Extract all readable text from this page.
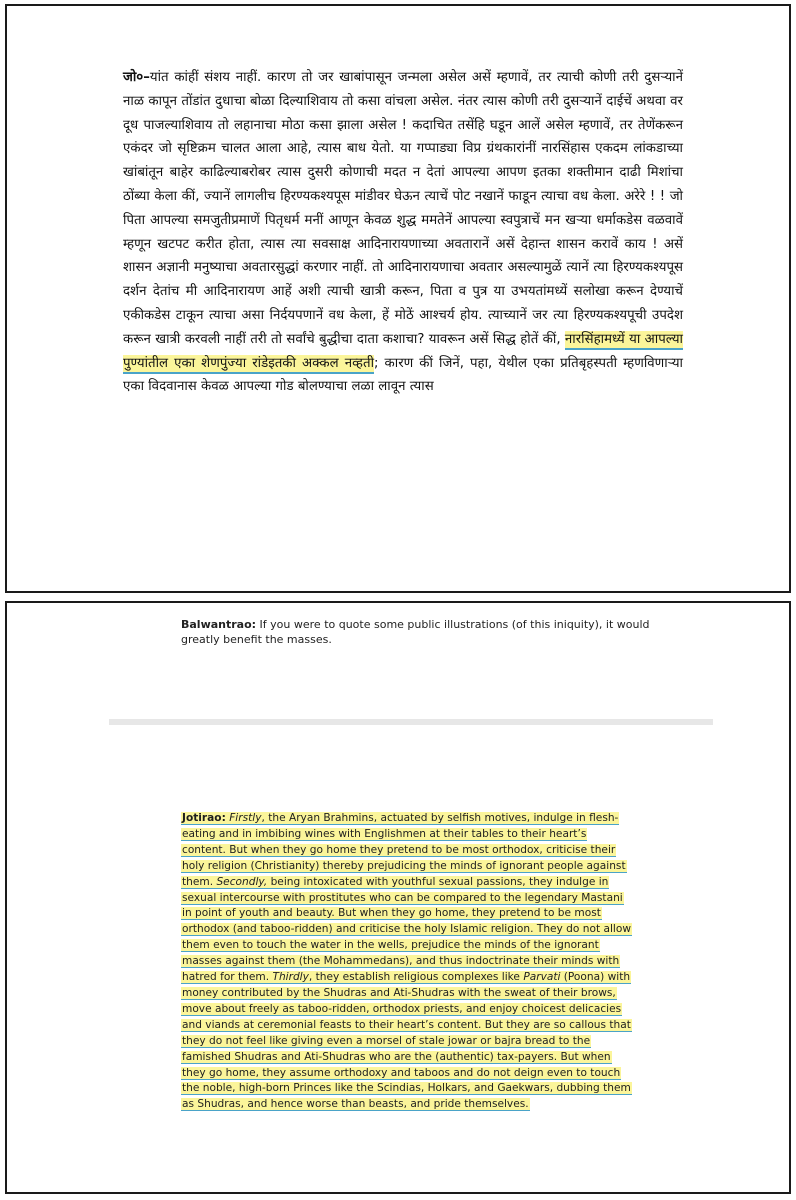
जो०–यांत कांहीं संशय नाहीं. कारण तो जर खाबांपासून जन्मला असेल असें म्हणावें, तर त्याची कोणी तरी दुसऱ्यानें नाळ कापून तोंडांत दुधाचा बोळा दिल्याशिवाय तो कसा वांचला असेल. नंतर त्यास कोणी तरी दुसऱ्यानें दाईचें अथवा वर दूध पाजल्याशिवाय तो लहानाचा मोठा कसा झाला असेल ! कदाचित तसेंहि घडून आलें असेल म्हणावें, तर तेणेंकरून एकंदर जो सृष्टिक्रम चालत आला आहे, त्यास बाध येतो. या गप्पाड्या विप्र ग्रंथकारांनीं नारसिंहास एकदम लांकडाच्या खांबांतून बाहेर काढिल्याबरोबर त्यास दुसरी कोणाची मदत न देतां आपल्या आपण इतका शक्तीमान दाढी मिशांचा ठोंब्या केला कीं, ज्यानें लागलीच हिरण्यकश्यपूस मांडीवर घेऊन त्याचें पोट नखानें फाडून त्याचा वध केला. अरेरे ! ! जो पिता आपल्या समजुतीप्रमाणें पितृधर्म मनीं आणून केवळ शुद्ध ममतेनें आपल्या स्वपुत्राचें मन खऱ्या धर्माकडेस वळवावें म्हणून खटपट करीत होता, त्यास त्या सवसाक्ष आदिनारायणाच्या अवतारानें असें देहान्त शासन करावें काय ! असें शासन अज्ञानी मनुष्याचा अवतारसुद्धां करणार नाहीं. तो आदिनारायणाचा अवतार असल्यामुळें त्यानें त्या हिरण्यकश्यपूस दर्शन देतांच मी आदिनारायण आहें अशी त्याची खात्री करून, पिता व पुत्र या उभयतांमध्यें सलोखा करून देण्याचें एकीकडेस टाकून त्याचा असा निर्दयपणानें वध केला, हें मोठें आश्चर्य होय. त्याच्यानें जर त्या हिरण्यकश्यपूची उपदेश करून खात्री करवली नाहीं तरी तो सर्वांचे बुद्धीचा दाता कशाचा? यावरून असें सिद्ध होतें कीं, नारसिंहामध्यें या आपल्या पुण्यांतील एका शेणपुंज्या रांडेइतकी अक्कल नव्हती; कारण कीं जिनें, पहा, येथील एका प्रतिबृहस्पती म्हणविणाऱ्या एका विदवानास केवळ आपल्या गोड बोलण्याचा लळा लावून त्यास
Balwantrao: If you were to quote some public illustrations (of this iniquity), it would greatly benefit the masses.
Jotirao: Firstly, the Aryan Brahmins, actuated by selfish motives, indulge in flesh-eating and in imbibing wines with Englishmen at their tables to their heart’s content. But when they go home they pretend to be most orthodox, criticise their holy religion (Christianity) thereby prejudicing the minds of ignorant people against them. Secondly, being intoxicated with youthful sexual passions, they indulge in sexual intercourse with prostitutes who can be compared to the legendary Mastani in point of youth and beauty. But when they go home, they pretend to be most orthodox (and taboo-ridden) and criticise the holy Islamic religion. They do not allow them even to touch the water in the wells, prejudice the minds of the ignorant masses against them (the Mohammedans), and thus indoctrinate their minds with hatred for them. Thirdly, they establish religious complexes like Parvati (Poona) with money contributed by the Shudras and Ati-Shudras with the sweat of their brows, move about freely as taboo-ridden, orthodox priests, and enjoy choicest delicacies and viands at ceremonial feasts to their heart’s content. But they are so callous that they do not feel like giving even a morsel of stale jowar or bajra bread to the famished Shudras and Ati-Shudras who are the (authentic) tax-payers. But when they go home, they assume orthodoxy and taboos and do not deign even to touch the noble, high-born Princes like the Scindias, Holkars, and Gaekwars, dubbing them as Shudras, and hence worse than beasts, and pride themselves.
